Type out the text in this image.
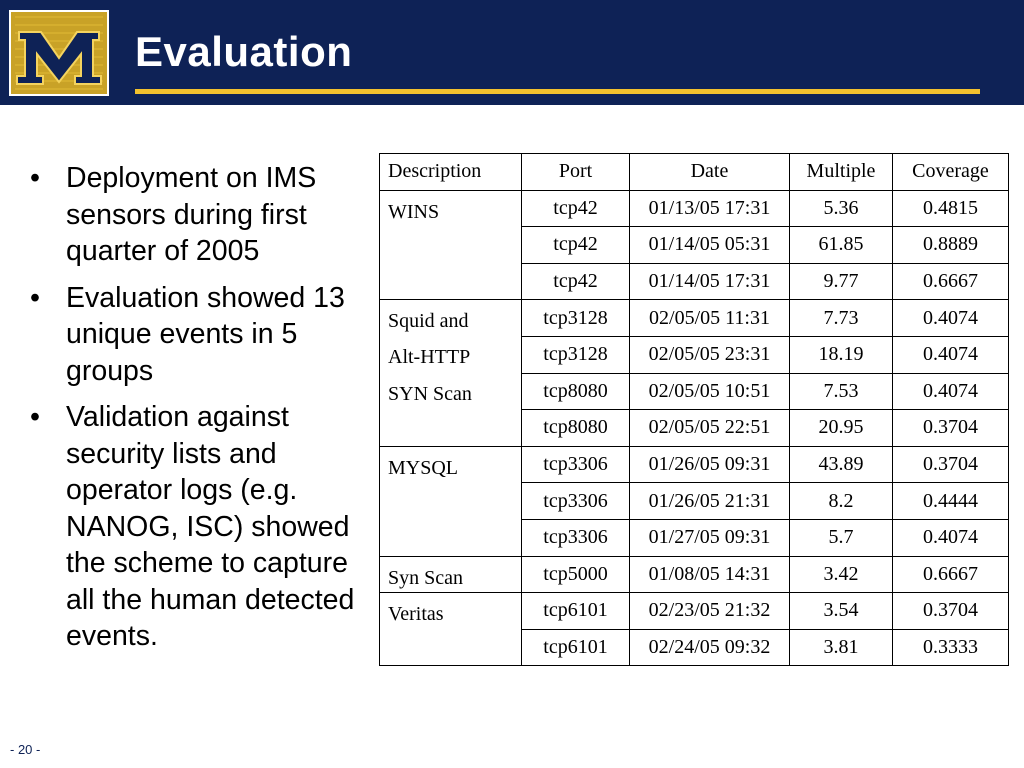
Evaluation
• Deployment on IMS sensors during first quarter of 2005
• Evaluation showed 13 unique events in 5 groups
• Validation against security lists and operator logs (e.g. NANOG, ISC) showed the scheme to capture all the human detected events.
Description	Port	Date	Multiple	Coverage
WINS	tcp42	01/13/05 17:31	5.36	0.4815
	tcp42	01/14/05 05:31	61.85	0.8889
	tcp42	01/14/05 17:31	9.77	0.6667
Squid and	tcp3128	02/05/05 11:31	7.73	0.4074
Alt-HTTP	tcp3128	02/05/05 23:31	18.19	0.4074
SYN Scan	tcp8080	02/05/05 10:51	7.53	0.4074
	tcp8080	02/05/05 22:51	20.95	0.3704
MYSQL	tcp3306	01/26/05 09:31	43.89	0.3704
	tcp3306	01/26/05 21:31	8.2	0.4444
	tcp3306	01/27/05 09:31	5.7	0.4074
Syn Scan	tcp5000	01/08/05 14:31	3.42	0.6667
Veritas	tcp6101	02/23/05 21:32	3.54	0.3704
	tcp6101	02/24/05 09:32	3.81	0.3333
- 20 -
